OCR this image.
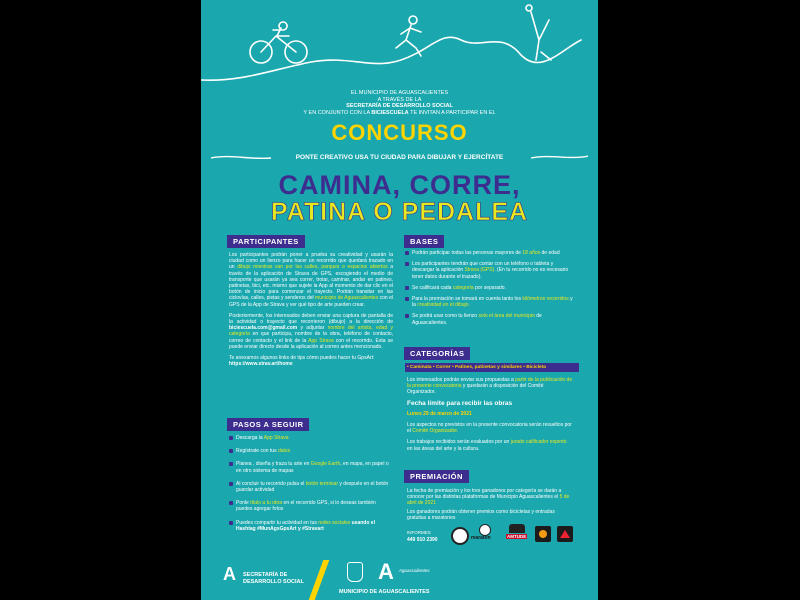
EL MUNICIPIO DE AGUASCALIENTES
A TRAVÉS DE LA
SECRETARÍA DE DESARROLLO SOCIAL
Y EN CONJUNTO CON LA BICIESCUELA TE INVITAN A PARTICIPAR EN EL
CONCURSO
PONTE CREATIVO USA TU CIUDAD PARA DIBUJAR Y EJERCÍTATE
CAMINA, CORRE,
PATINA O PEDALEA
PARTICIPANTES

Los participantes podrán poner a prueba su creatividad y usarán la ciudad como un lienzo para hacer un recorrido que quedará trazado en un dibujo mientras van por las calles, parques o espacios abiertos a través de la aplicación de Strava de GPS, escogiendo el medio de transporte que usarán ya sea correr, trotar, caminar, andar en patines, patinetas, bici, etc. mismo que sujete la App al momento de dar clic en el botón de inicio para comenzar el trayecto. Podrán transitar en las ciclovías, calles, pistas y senderos del municipio de Aguascalientes con el GPS de la App de Strava y ver qué tipo de arte pueden crear.

Posteriormente, los interesados deben enviar una captura de pantalla de la actividad o trayecto que recorrieron (dibujo) a la dirección de biciescuela.com@gmail.com y adjuntar nombre del artista, edad y categoría en que participa, nombre de la obra, teléfono de contacto, correo de contacto y el link de la App Strava con el recorrido. Esta se puede enviar directo desde la aplicación al correo antes mencionado.

Te anexamos algunos links de tips cómo puedes hacer tu GpsArt:

https://www.strav.art/home

PASOS A SEGUIR
Descarga la App Strava
Regístrate con tus datos
Planea , diseña y traza tu arte en Google Earth, en mapa, en papel o en otro sistema de mapas
Al concluir tu recorrido pulsa el botón terminar y después en el botón guardar actividad
Ponle título a tu obra en el recorrido GPS, si lo deseas también puedes agregar fotos
Puedes compartir tu actividad en tus redes sociales usando el Hashtag #MunAgsGpsArt y #Stravart
BASES
Podrán participar todas las personas mayores de 18 años de edad
Los participantes tendrán que contar con un teléfono o tableta y descargar la aplicación Strava (GPS). (En tu recorrido no es necesario tener datos durante el trazado).
Se calificará cada categoría por separado.
Para la premiación se tomará en cuenta tanto los kilómetros recorridos y la creatividad en el dibujo.
Se podrá usar como tu lienzo solo el área del municipio de Aguascalientes.
CATEGORÍAS
• Caminata • Correr • Patines, patinetas y similares • Bicicleta

Los interesados podrán enviar sus propuestas a partir de la publicación de la presente convocatoria y quedarán a disposición del Comité Organizador.

Fecha límite para recibir las obras

Lunes 29 de marzo de 2021

Los aspectos no previstos en la presente convocatoria serán resueltos por el Comité Organizador.

Los trabajos recibidos serán evaluados por un jurado calificador experto en las áreas del arte y la cultura.

PREMIACIÓN

La fecha de premiación y los tres ganadores por categoría se darán a conocer por las distintas plataformas de Municipio Aguascalientes el 5 de abril de 2021

Los ganadores podrán obtener premios como bicicletas y entradas gratuitas a maratones

INFORMES
449 910 2390	maraton	AMTUDE
A	SECRETARÍA DE
DESARROLLO SOCIAL	A Aguascalientes
MUNICIPIO DE AGUASCALIENTES
